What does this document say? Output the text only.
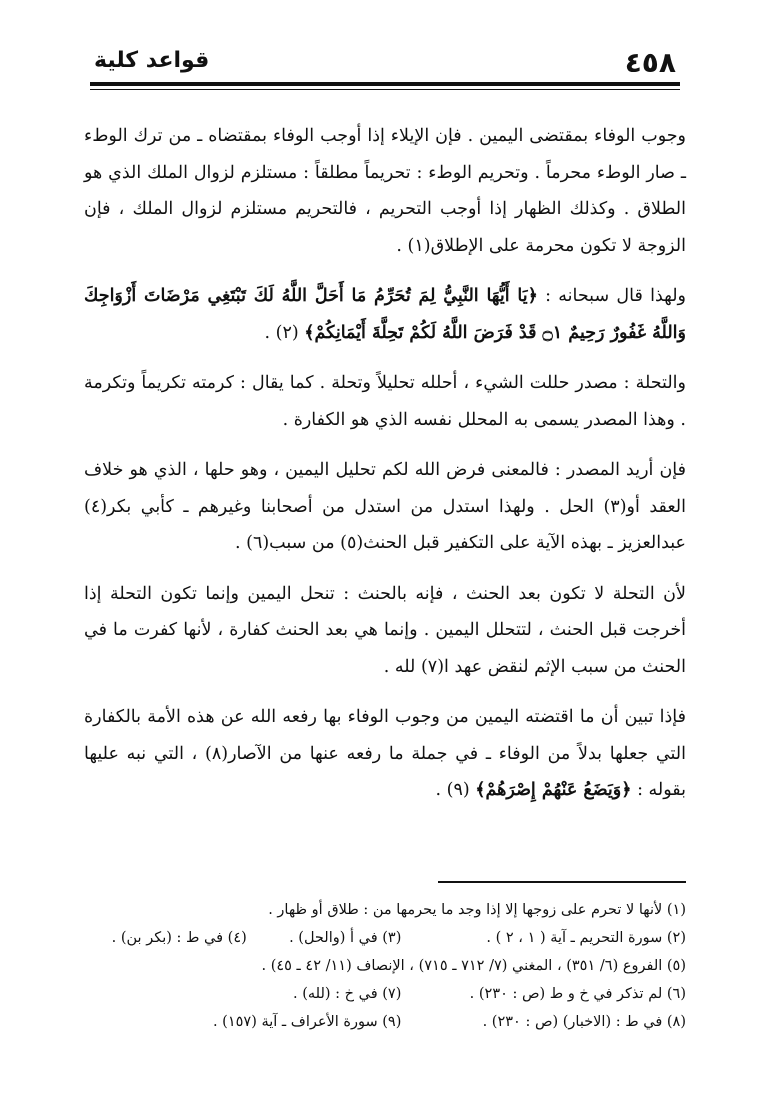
٤٥٨
قواعد كلية

وجوب الوفاء بمقتضى اليمين . فإن الإيلاء إذا أوجب الوفاء بمقتضاه ـ من ترك الوطء ـ صار الوطء محرماً . وتحريم الوطء : تحريماً مطلقاً : مستلزم لزوال الملك الذي هو الطلاق . وكذلك الظهار إذا أوجب التحريم ، فالتحريم مستلزم لزوال الملك ، فإن الزوجة لا تكون محرمة على الإطلاق(١) .

ولهذا قال سبحانه : ﴿يَا أَيُّهَا النَّبِيُّ لِمَ تُحَرِّمُ مَا أَحَلَّ اللَّهُ لَكَ تَبْتَغِي مَرْضَاتَ أَزْوَاجِكَ وَاللَّهُ غَفُورٌ رَحِيمٌ ۝١ قَدْ فَرَضَ اللَّهُ لَكُمْ تَحِلَّةَ أَيْمَانِكُمْ﴾ (٢) .

والتحلة : مصدر حللت الشيء ، أحلله تحليلاً وتحلة . كما يقال : كرمته تكريماً وتكرمة . وهذا المصدر يسمى به المحلل نفسه الذي هو الكفارة .

فإن أريد المصدر : فالمعنى فرض الله لكم تحليل اليمين ، وهو حلها ، الذي هو خلاف العقد أو(٣) الحل . ولهذا استدل من استدل من أصحابنا وغيرهم ـ كأبي بكر(٤) عبدالعزيز ـ بهذه الآية على التكفير قبل الحنث(٥) من سبب(٦) .

لأن التحلة لا تكون بعد الحنث ، فإنه بالحنث : تنحل اليمين وإنما تكون التحلة إذا أخرجت قبل الحنث ، لتتحلل اليمين . وإنما هي بعد الحنث كفارة ، لأنها كفرت ما في الحنث من سبب الإثم لنقض عهد ا(٧) لله .

فإذا تبين أن ما اقتضته اليمين من وجوب الوفاء بها رفعه الله عن هذه الأمة بالكفارة التي جعلها بدلاً من الوفاء ـ في جملة ما رفعه عنها من الآصار(٨) ، التي نبه عليها بقوله : ﴿وَيَضَعُ عَنْهُمْ إِصْرَهُمْ﴾ (٩) .

(١) لأنها لا تحرم على زوجها إلا إذا وجد ما يحرمها من : طلاق أو ظهار .
(٢) سورة التحريم ـ آية ( ١ ، ٢ ) . (٣) في أ (والحل) . (٤) في ط : (بكر بن) .
(٥) الفروع (٦/ ٣٥١) ، المغني (٧/ ٧١٢ ـ ٧١٥) ، الإنصاف (١١/ ٤٢ ـ ٤٥) .
(٦) لم تذكر في خ و ط (ص : ٢٣٠) . (٧) في خ : (لله) .
(٨) في ط : (الاخبار) (ص : ٢٣٠) . (٩) سورة الأعراف ـ آية (١٥٧) .
